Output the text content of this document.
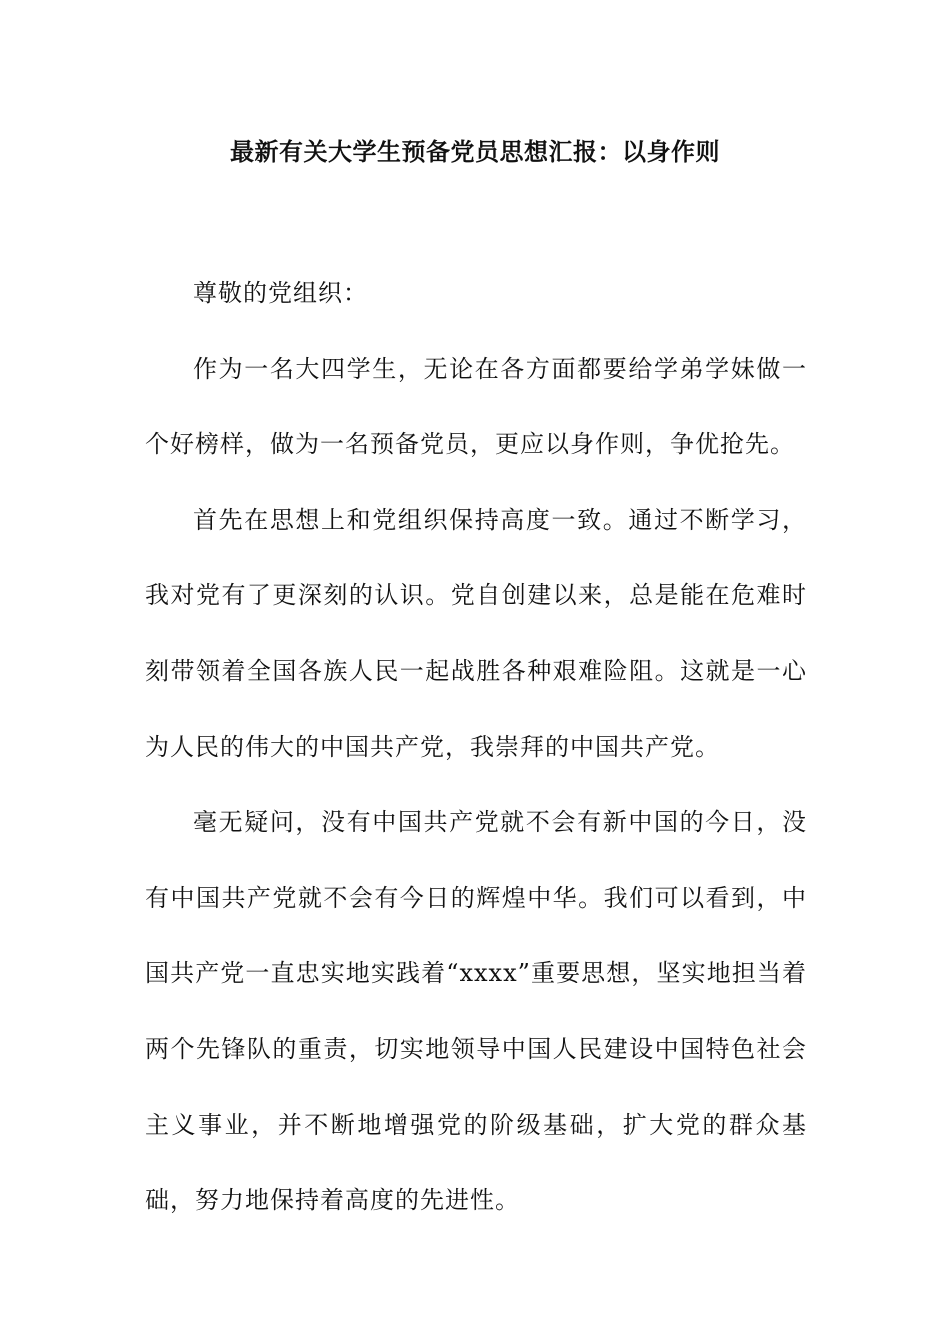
最新有关大学生预备党员思想汇报：以身作则

尊敬的党组织：

作为一名大四学生，无论在各方面都要给学弟学妹做一个好榜样，做为一名预备党员，更应以身作则，争优抢先。

首先在思想上和党组织保持高度一致。通过不断学习，我对党有了更深刻的认识。党自创建以来，总是能在危难时刻带领着全国各族人民一起战胜各种艰难险阻。这就是一心为人民的伟大的中国共产党，我崇拜的中国共产党。

毫无疑问，没有中国共产党就不会有新中国的今日，没有中国共产党就不会有今日的辉煌中华。我们可以看到，中国共产党一直忠实地实践着“xxxx”重要思想，坚实地担当着两个先锋队的重责，切实地领导中国人民建设中国特色社会主义事业，并不断地增强党的阶级基础，扩大党的群众基础，努力地保持着高度的先进性。
